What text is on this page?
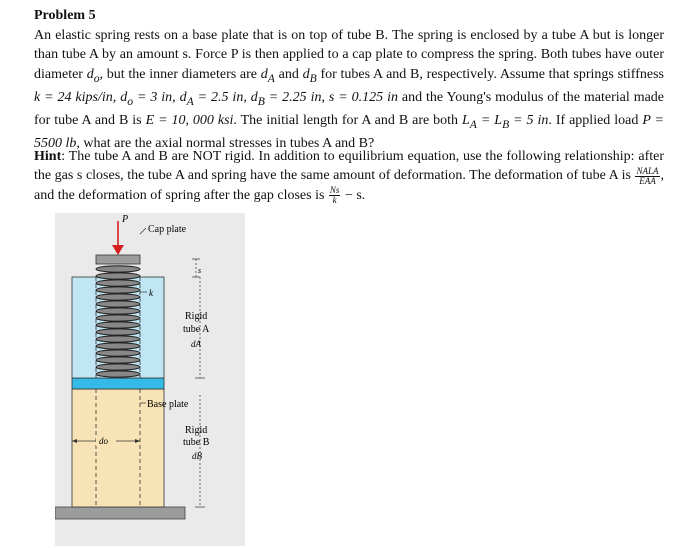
Problem 5
An elastic spring rests on a base plate that is on top of tube B. The spring is enclosed by a tube A but is longer than tube A by an amount s. Force P is then applied to a cap plate to compress the spring. Both tubes have outer diameter $d_o$, but the inner diameters are $d_A$ and $d_B$ for tubes A and B, respectively. Assume that springs stiffness k = 24 kips/in, $d_o = 3$ in, $d_A = 2.5$ in, $d_B = 2.25$ in, s = 0.125 in and the Young's modulus of the material made for tube A and B is E = 10, 000 ksi. The initial length for A and B are both $L_A = L_B = 5$ in. If applied load P = 5500 lb, what are the axial normal stresses in tubes A and B?
Hint: The tube A and B are NOT rigid. In addition to equilibrium equation, use the following relationship: after the gas s closes, the tube A and spring have the same amount of deformation. The deformation of tube A is $\frac{\text{NALA}}{\text{EAA}}$ , and the deformation of spring after the gap closes is $\frac{Ns}{k} - s$.
P
Cap plate
s
k
Rigid
tube A
dA
Base plate
Rigid
tube B
dB
do
